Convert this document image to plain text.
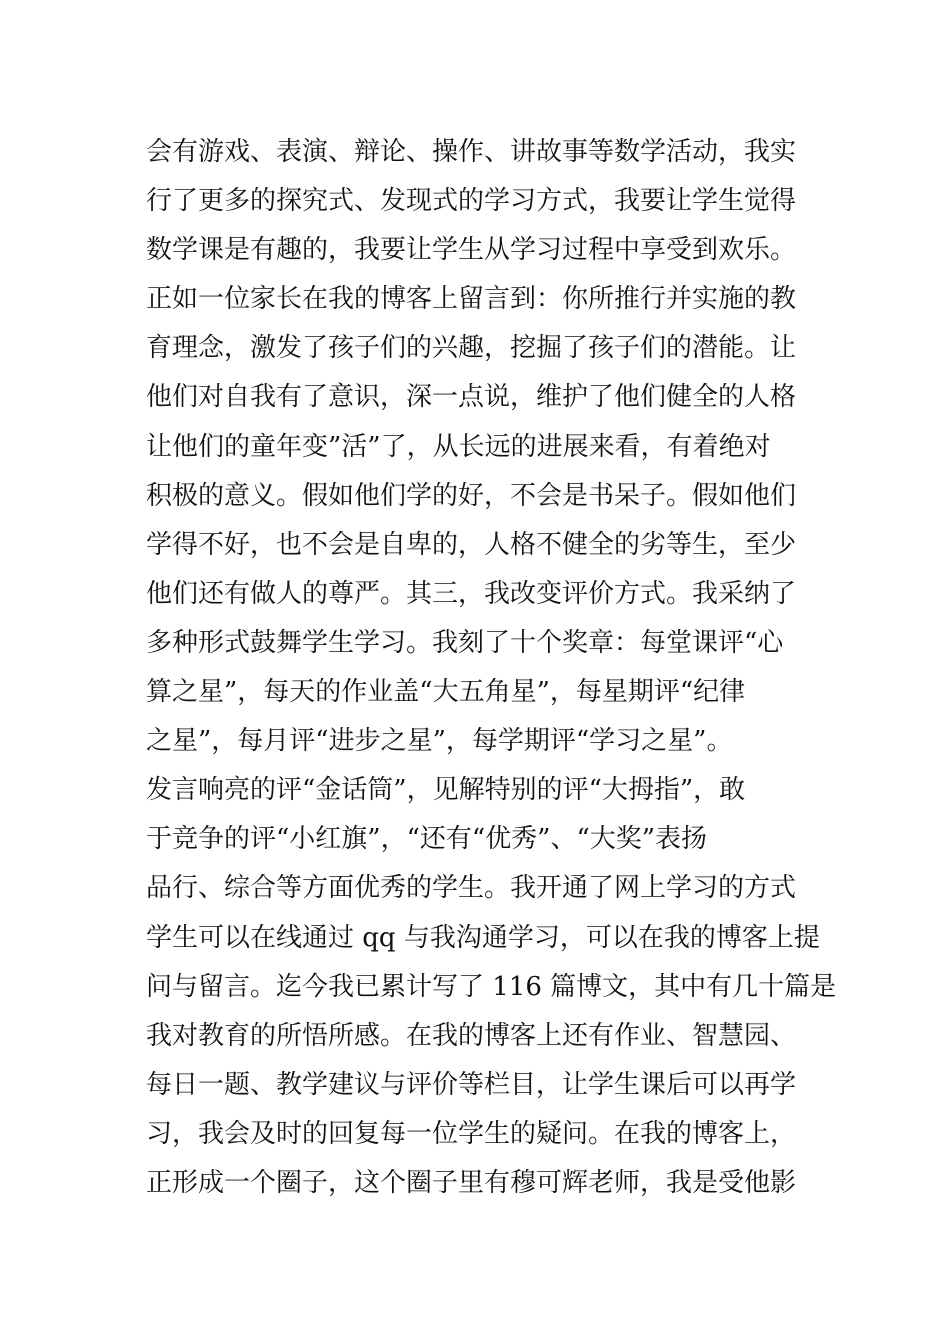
会有游戏、表演、辩论、操作、讲故事等数学活动，我实
行了更多的探究式、发现式的学习方式，我要让学生觉得
数学课是有趣的，我要让学生从学习过程中享受到欢乐。
正如一位家长在我的博客上留言到：你所推行并实施的教
育理念，激发了孩子们的兴趣，挖掘了孩子们的潜能。让
他们对自我有了意识，深一点说，维护了他们健全的人格
让他们的童年变”活”了，从长远的进展来看，有着绝对
积极的意义。假如他们学的好，不会是书呆子。假如他们
学得不好，也不会是自卑的，人格不健全的劣等生，至少
他们还有做人的尊严。其三，我改变评价方式。我采纳了
多种形式鼓舞学生学习。我刻了十个奖章：每堂课评“心
算之星”，每天的作业盖“大五角星”，每星期评“纪律
之星”，每月评“进步之星”，每学期评“学习之星”。
发言响亮的评“金话筒”，见解特别的评“大拇指”，敢
于竞争的评“小红旗”，“还有“优秀”、“大奖”表扬
品行、综合等方面优秀的学生。我开通了网上学习的方式
学生可以在线通过 qq 与我沟通学习，可以在我的博客上提
问与留言。迄今我已累计写了 116 篇博文，其中有几十篇是
我对教育的所悟所感。在我的博客上还有作业、智慧园、
每日一题、教学建议与评价等栏目，让学生课后可以再学
习，我会及时的回复每一位学生的疑问。在我的博客上，
正形成一个圈子，这个圈子里有穆可辉老师，我是受他影
